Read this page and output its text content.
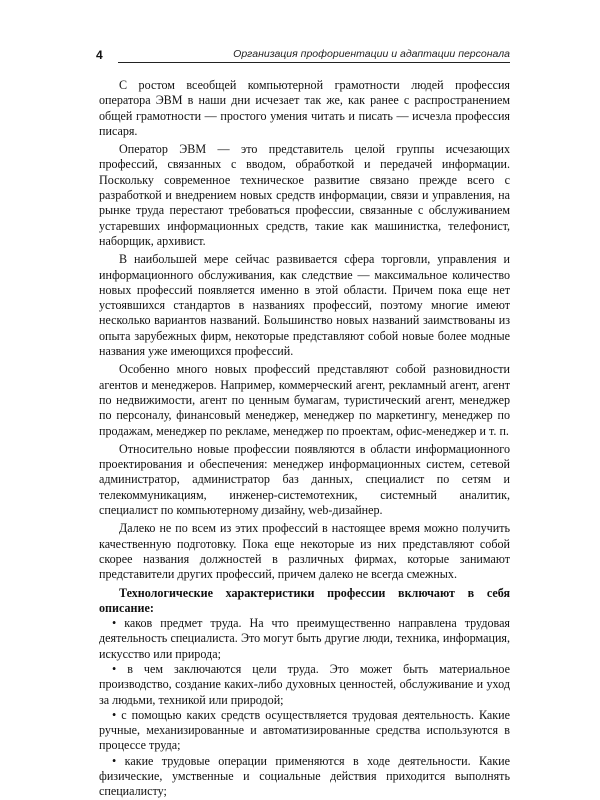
4	Организация профориентации и адаптации персонала

С ростом всеобщей компьютерной грамотности людей профессия оператора ЭВМ в наши дни исчезает так же, как ранее с распространением общей грамотности — простого умения читать и писать — исчезла профессия писаря.

Оператор ЭВМ — это представитель целой группы исчезающих профессий, связанных с вводом, обработкой и передачей информации. Поскольку современное техническое развитие связано прежде всего с разработкой и внедрением новых средств информации, связи и управления, на рынке труда перестают требоваться профессии, связанные с обслуживанием устаревших информационных средств, такие как машинистка, телефонист, наборщик, архивист.

В наибольшей мере сейчас развивается сфера торговли, управления и информационного обслуживания, как следствие — максимальное количество новых профессий появляется именно в этой области. Причем пока еще нет устоявшихся стандартов в названиях профессий, поэтому многие имеют несколько вариантов названий. Большинство новых названий заимствованы из опыта зарубежных фирм, некоторые представляют собой новые более модные названия уже имеющихся профессий.

Особенно много новых профессий представляют собой разновидности агентов и менеджеров. Например, коммерческий агент, рекламный агент, агент по недвижимости, агент по ценным бумагам, туристический агент, менеджер по персоналу, финансовый менеджер, менеджер по маркетингу, менеджер по продажам, менеджер по рекламе, менеджер по проектам, офис-менеджер и т. п.

Относительно новые профессии появляются в области информационного проектирования и обеспечения: менеджер информационных систем, сетевой администратор, администратор баз данных, специалист по сетям и телекоммуникациям, инженер-системотехник, системный аналитик, специалист по компьютерному дизайну, web-дизайнер.

Далеко не по всем из этих профессий в настоящее время можно получить качественную подготовку. Пока еще некоторые из них представляют собой скорее названия должностей в различных фирмах, которые занимают представители других профессий, причем далеко не всегда смежных.

Технологические характеристики профессии включают в себя описание:

• каков предмет труда. На что преимущественно направлена трудовая деятельность специалиста. Это могут быть другие люди, техника, информация, искусство или природа;

• в чем заключаются цели труда. Это может быть материальное производство, создание каких-либо духовных ценностей, обслуживание и уход за людьми, техникой или природой;

• с помощью каких средств осуществляется трудовая деятельность. Какие ручные, механизированные и автоматизированные средства используются в процессе труда;

• какие трудовые операции применяются в ходе деятельности. Какие физические, умственные и социальные действия приходится выполнять специалисту;
